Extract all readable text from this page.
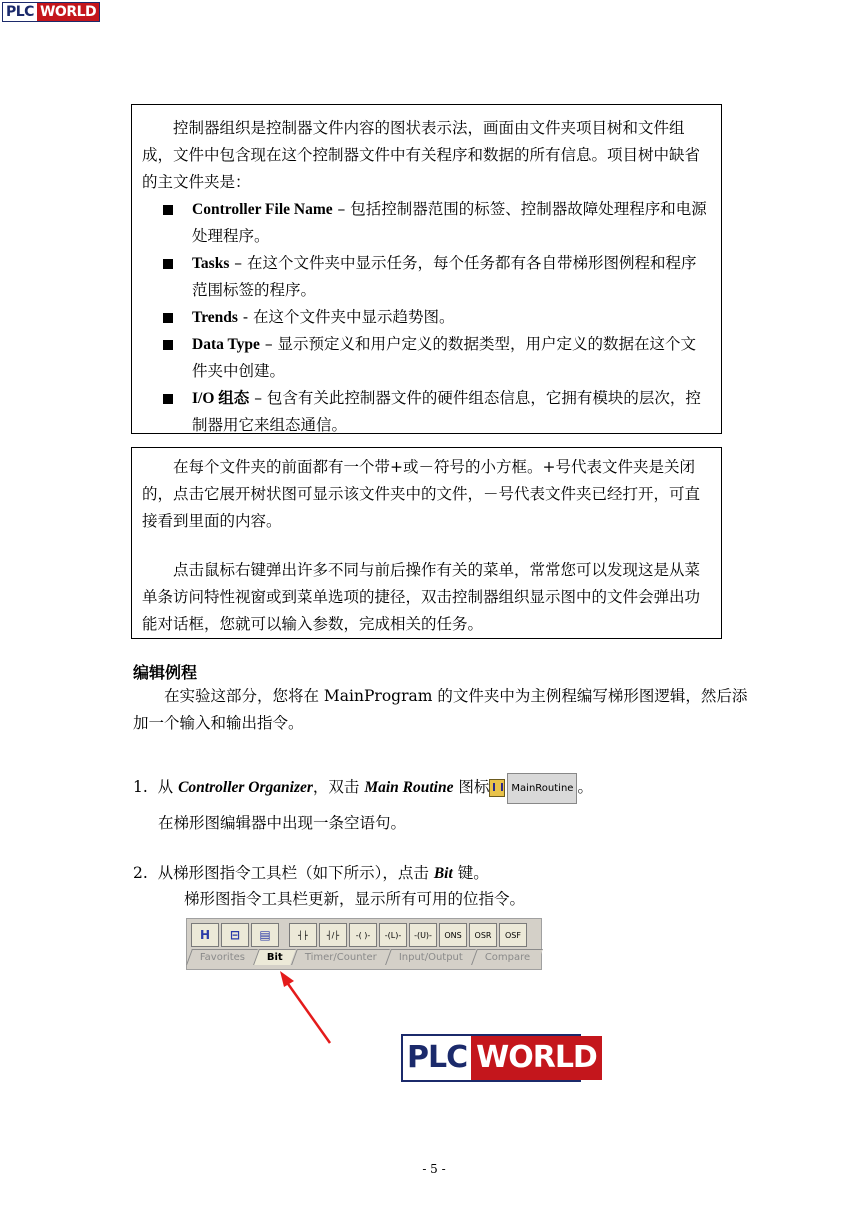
PLC WORLD
控制器组织是控制器文件内容的图状表示法，画面由文件夹项目树和文件组成，文件中包含现在这个控制器文件中有关程序和数据的所有信息。项目树中缺省的主文件夹是：
Controller File Name – 包括控制器范围的标签、控制器故障处理程序和电源处理程序。
Tasks – 在这个文件夹中显示任务，每个任务都有各自带梯形图例程和程序范围标签的程序。
Trends - 在这个文件夹中显示趋势图。
Data Type – 显示预定义和用户定义的数据类型，用户定义的数据在这个文件夹中创建。
I/O 组态 – 包含有关此控制器文件的硬件组态信息，它拥有模块的层次，控制器用它来组态通信。
在每个文件夹的前面都有一个带+或－符号的小方框。+号代表文件夹是关闭的，点击它展开树状图可显示该文件夹中的文件，－号代表文件夹已经打开，可直接看到里面的内容。
点击鼠标右键弹出许多不同与前后操作有关的菜单，常常您可以发现这是从菜单条访问特性视窗或到菜单选项的捷径，双击控制器组织显示图中的文件会弹出功能对话框，您就可以输入参数，完成相关的任务。
编辑例程
在实验这部分，您将在 MainProgram 的文件夹中为主例程编写梯形图逻辑，然后添加一个输入和输出指令。
1. 从 Controller Organizer，双击 Main Routine 图标	MainRoutine 。
在梯形图编辑器中出现一条空语句。
2. 从梯形图指令工具栏（如下所示），点击 Bit 键。
梯形图指令工具栏更新，显示所有可用的位指令。
H	⊟	▤	┤├	┤/├	-( )-	-(L)-	-(U)-	ONS	OSR	OSF
Favorites	Bit	Timer/Counter	Input/Output	Compare
PLC WORLD
- 5 -
